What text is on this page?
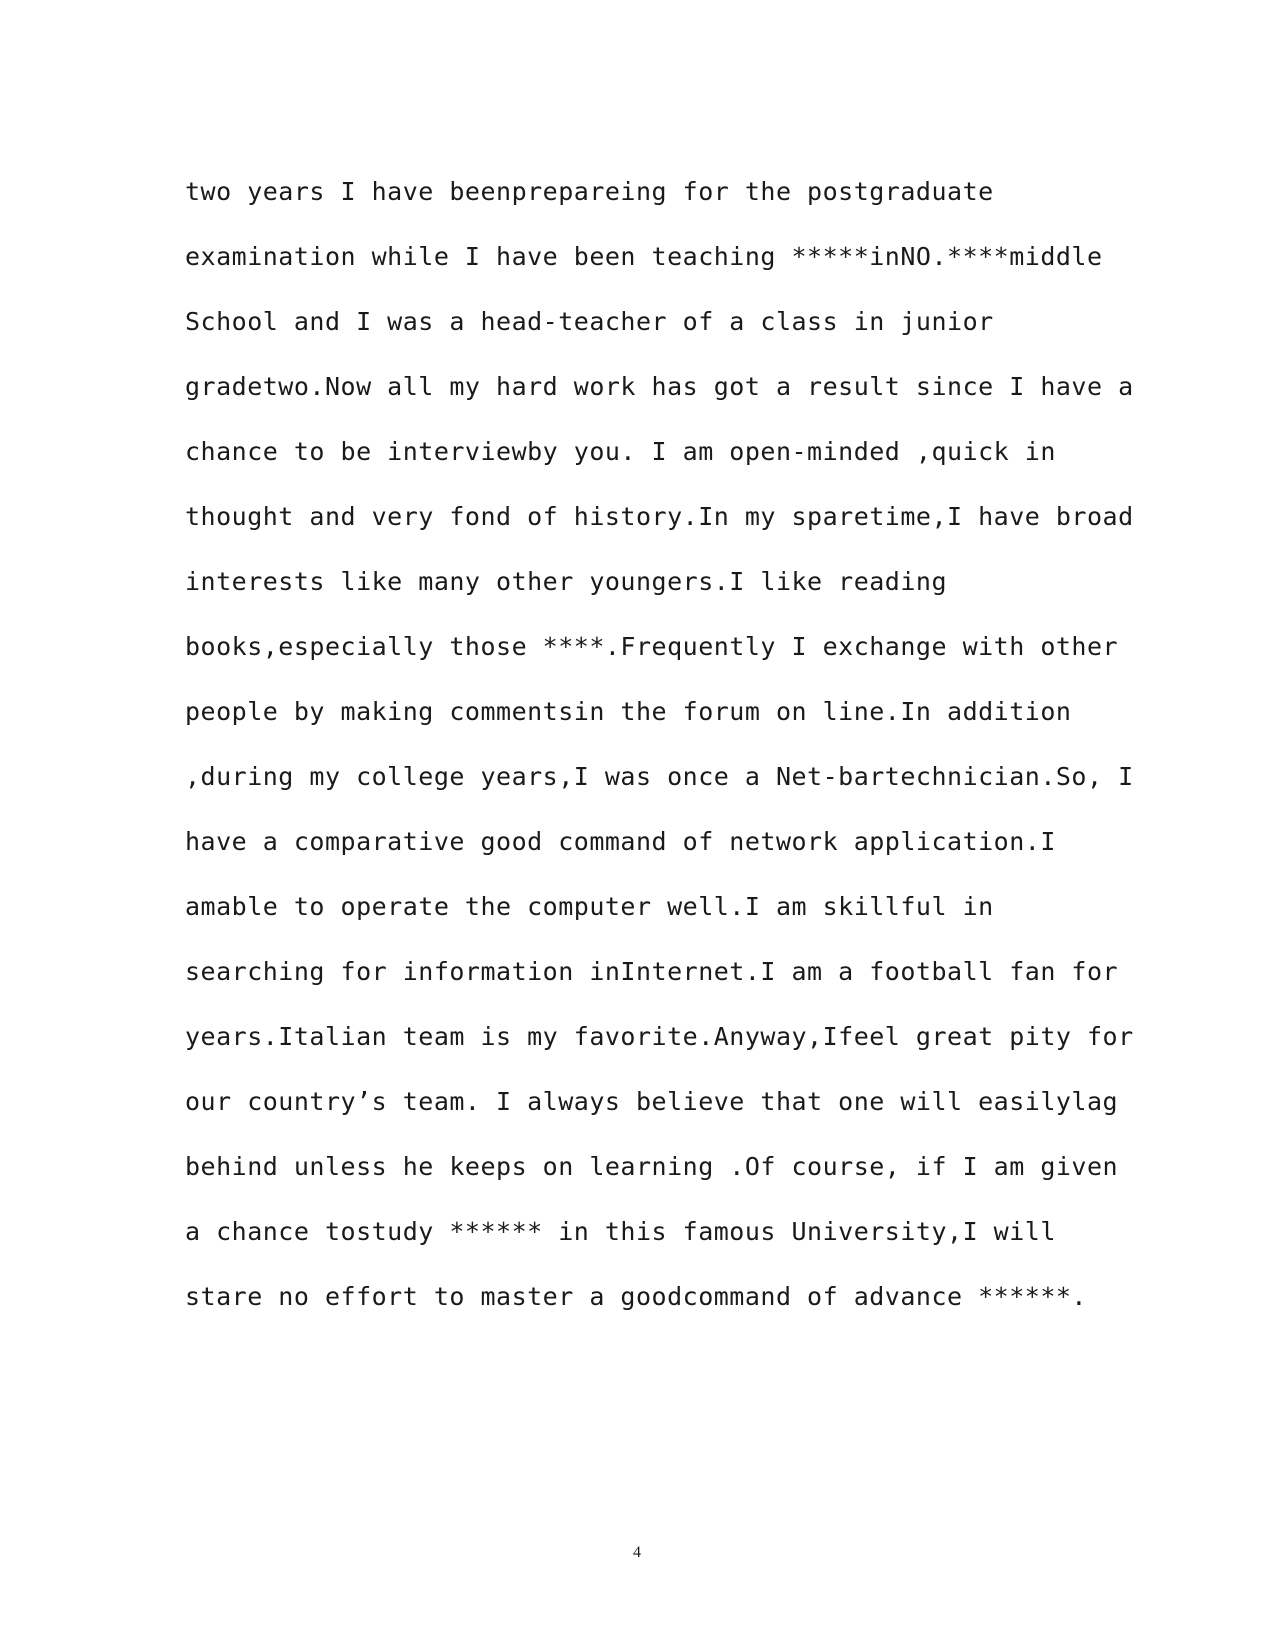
two years I have beenprepareing for the postgraduate
examination while I have been teaching *****inNO.****middle
School and I was a head-teacher of a class in junior
gradetwo.Now all my hard work has got a result since I have a
chance to be interviewby you. I am open-minded ,quick in
thought and very fond of history.In my sparetime,I have broad
interests like many other youngers.I like reading
books,especially those ****.Frequently I exchange with other
people by making commentsin the forum on line.In addition
,during my college years,I was once a Net-bartechnician.So, I
have a comparative good command of network application.I
amable to operate the computer well.I am skillful in
searching for information inInternet.I am a football fan for
years.Italian team is my favorite.Anyway,Ifeel great pity for
our country’s team. I always believe that one will easilylag
behind unless he keeps on learning .Of course, if I am given
a chance tostudy ****** in this famous University,I will
stare no effort to master a goodcommand of advance ******.
4
